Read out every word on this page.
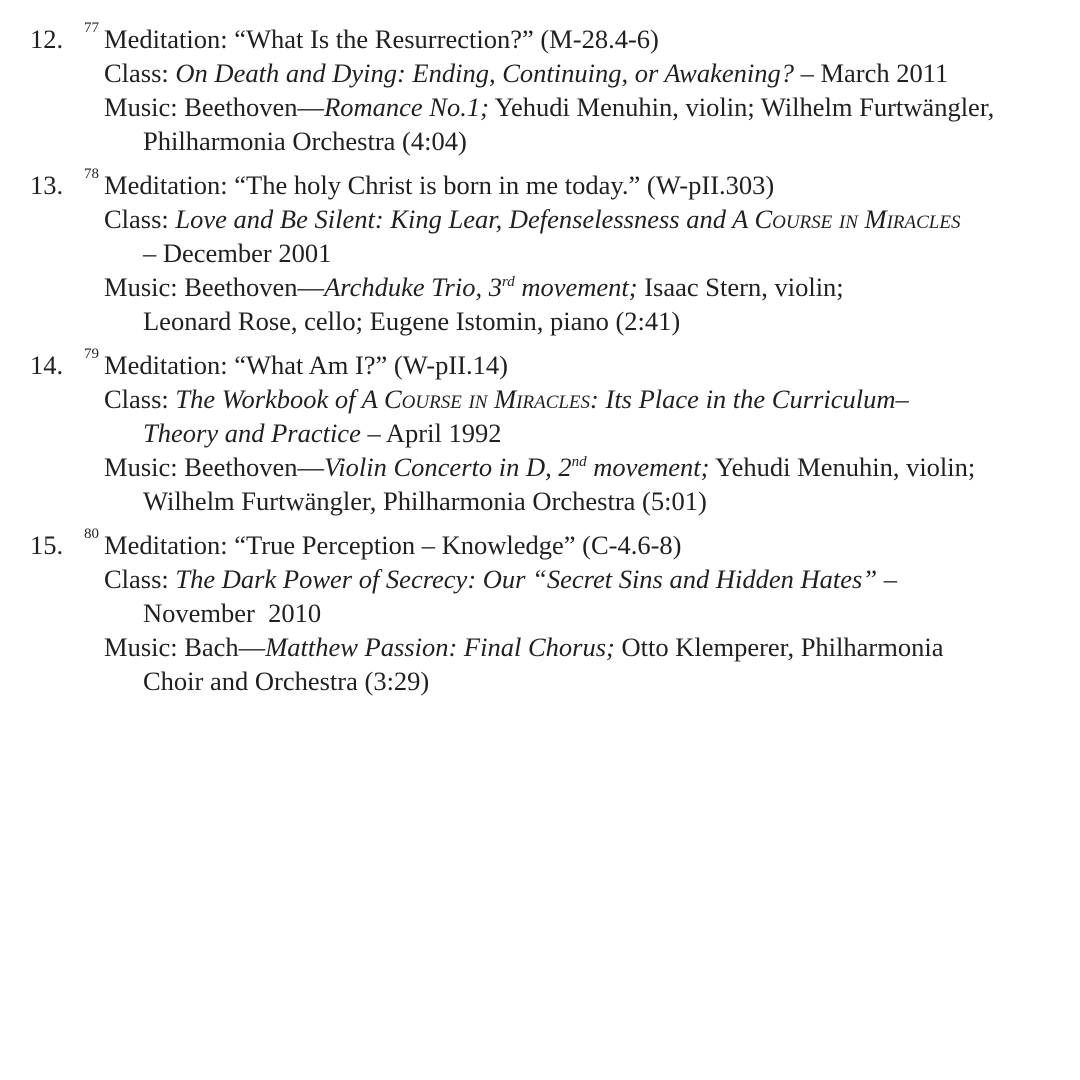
12. 77 Meditation: “What Is the Resurrection?” (M-28.4-6)
Class: On Death and Dying: Ending, Continuing, or Awakening? – March 2011
Music: Beethoven—Romance No.1; Yehudi Menuhin, violin; Wilhelm Furtwängler,
Philharmonia Orchestra (4:04)
13. 78 Meditation: “The holy Christ is born in me today.” (W-pII.303)
Class: Love and Be Silent: King Lear, Defenselessness and A Course in Miracles
– December 2001
Music: Beethoven—Archduke Trio, 3rd movement; Isaac Stern, violin;
Leonard Rose, cello; Eugene Istomin, piano (2:41)
14. 79 Meditation: “What Am I?” (W-pII.14)
Class: The Workbook of A Course in Miracles: Its Place in the Curriculum–
Theory and Practice – April 1992
Music: Beethoven—Violin Concerto in D, 2nd movement; Yehudi Menuhin, violin;
Wilhelm Furtwängler, Philharmonia Orchestra (5:01)
15. 80 Meditation: “True Perception – Knowledge” (C-4.6-8)
Class: The Dark Power of Secrecy: Our “Secret Sins and Hidden Hates” –
November  2010
Music: Bach—Matthew Passion: Final Chorus; Otto Klemperer, Philharmonia
Choir and Orchestra (3:29)
